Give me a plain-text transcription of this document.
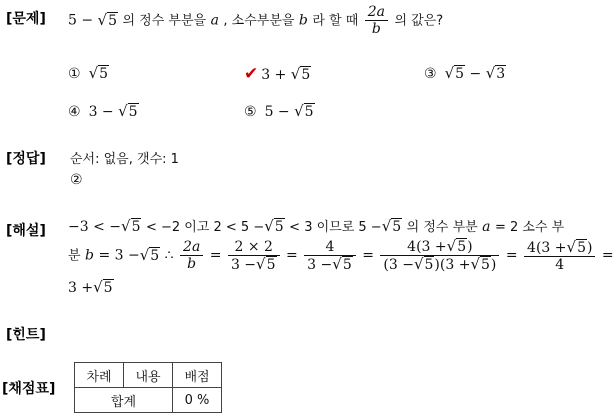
[문제] 5 − √5 의 정수 부분을 a , 소수부분을 b 라 할 때 $\frac{2a}{b}$ 의 값은?
① √5	✔ 3 + √5	③ √5 − √3
④ 3 − √5	⑤ 5 − √5
[정답] 순서: 없음, 갯수: 1
②
[해설] −3 < −√5 < −2 이고 2 < 5 −√5 < 3 이므로 5 −√5 의 정수 부분 a = 2 소수 부
분 b = 3 −√5 ∴ $\frac{2a}{b} = \frac{2 \times 2}{3 -√5} = \frac{4}{3 -√5} = \frac{4(3 +√5)}{(3 -√5)(3 +√5)} = \frac{4(3 +√5)}{4}$ =
3 +√5
[힌트]
[채점표]
차례	내용	배점
합계		0 %
